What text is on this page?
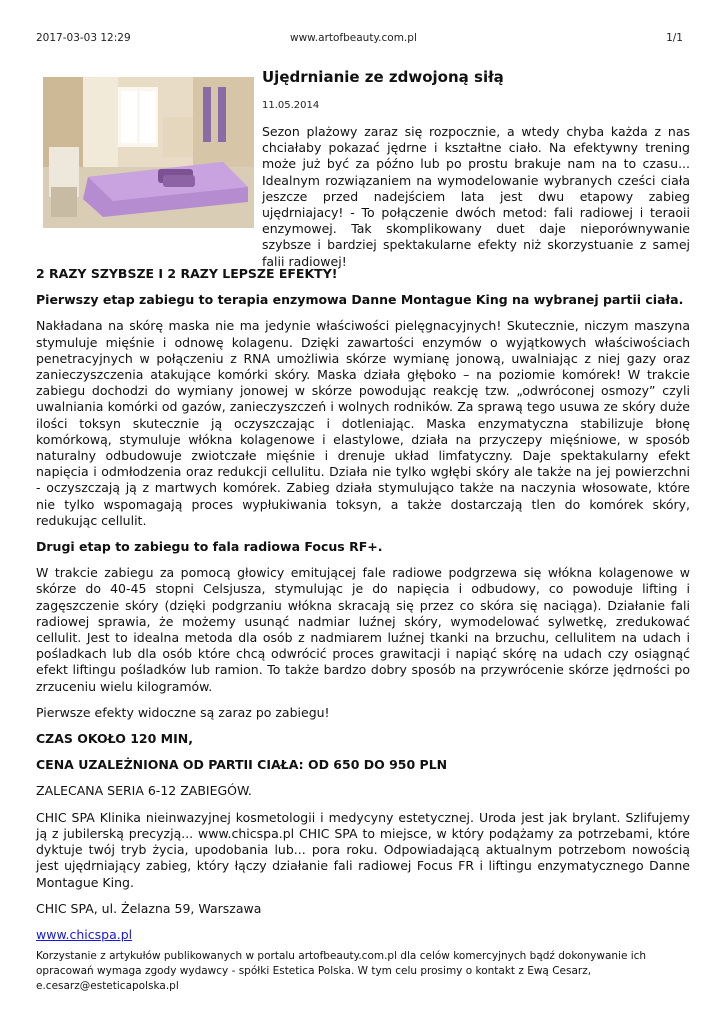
2017-03-03 12:29	www.artofbeauty.com.pl	1/1
Ujędrnianie ze zdwojoną siłą
11.05.2014

Sezon plażowy zaraz się rozpocznie, a wtedy chyba każda z nas chciałaby pokazać jędrne i kształtne ciało. Na efektywny trening może już być za późno lub po prostu brakuje nam na to czasu... Idealnym rozwiązaniem na wymodelowanie wybranych cześci ciała jeszcze przed nadejściem lata jest dwu etapowy zabieg ujędrniajacy! - To połączenie dwóch metod: fali radiowej i teraoii enzymowej. Tak skomplikowany duet daje nieporównywanie szybsze i bardziej spektakularne efekty niż skorzystuanie z samej falii radiowej!

2 RAZY SZYBSZE I 2 RAZY LEPSZE EFEKTY!

Pierwszy etap zabiegu to terapia enzymowa Danne Montague King na wybranej partii ciała.

Nakładana na skórę maska nie ma jedynie właściwości pielęgnacyjnych! Skutecznie, niczym maszyna stymuluje mięśnie i odnowę kolagenu. Dzięki zawartości enzymów o wyjątkowych właściwościach penetracyjnych w połączeniu z RNA umożliwia skórze wymianę jonową, uwalniając z niej gazy oraz zanieczyszczenia atakujące komórki skóry. Maska działa głęboko – na poziomie komórek! W trakcie zabiegu dochodzi do wymiany jonowej w skórze powodując reakcję tzw. „odwróconej osmozy” czyli uwalniania komórki od gazów, zanieczyszczeń i wolnych rodników. Za sprawą tego usuwa ze skóry duże ilości toksyn skutecznie ją oczyszczając i dotleniając. Maska enzymatyczna stabilizuje błonę komórkową, stymuluje włókna kolagenowe i elastylowe, działa na przyczepy mięśniowe, w sposób naturalny odbudowuje zwiotczałe mięśnie i drenuje układ limfatyczny. Daje spektakularny efekt napięcia i odmłodzenia oraz redukcji cellulitu. Działa nie tylko wgłębi skóry ale także na jej powierzchni - oczyszczają ją z martwych komórek. Zabieg działa stymulująco także na naczynia włosowate, które nie tylko wspomagają proces wypłukiwania toksyn, a także dostarczają tlen do komórek skóry, redukując cellulit.

Drugi etap to zabiegu to fala radiowa Focus RF+.

W trakcie zabiegu za pomocą głowicy emitującej fale radiowe podgrzewa się włókna kolagenowe w skórze do 40-45 stopni Celsjusza, stymulując je do napięcia i odbudowy, co powoduje lifting i zagęszczenie skóry (dzięki podgrzaniu włókna skracają się przez co skóra się naciąga). Działanie fali radiowej sprawia, że możemy usunąć nadmiar luźnej skóry, wymodelować sylwetkę, zredukować cellulit. Jest to idealna metoda dla osób z nadmiarem luźnej tkanki na brzuchu, cellulitem na udach i pośladkach lub dla osób które chcą odwrócić proces grawitacji i napiąć skórę na udach czy osiągnąć efekt liftingu pośladków lub ramion. To także bardzo dobry sposób na przywrócenie skórze jędrności po zrzuceniu wielu kilogramów.

Pierwsze efekty widoczne są zaraz po zabiegu!

CZAS OKOŁO 120 MIN,

CENA UZALEŻNIONA OD PARTII CIAŁA: OD 650 DO 950 PLN

ZALECANA SERIA 6-12 ZABIEGÓW.

CHIC SPA Klinika nieinwazyjnej kosmetologii i medycyny estetycznej. Uroda jest jak brylant. Szlifujemy ją z jubilerską precyzją... www.chicspa.pl CHIC SPA to miejsce, w który podążamy za potrzebami, które dyktuje twój tryb życia, upodobania lub... pora roku. Odpowiadającą aktualnym potrzebom nowością jest ujędrniający zabieg, który łączy działanie fali radiowej Focus FR i liftingu enzymatycznego Danne Montague King.

CHIC SPA, ul. Żelazna 59, Warszawa

www.chicspa.pl

Korzystanie z artykułów publikowanych w portalu artofbeauty.com.pl dla celów komercyjnych bądź dokonywanie ich opracowań wymaga zgody wydawcy - spółki Estetica Polska. W tym celu prosimy o kontakt z Ewą Cesarz, e.cesarz@esteticapolska.pl
